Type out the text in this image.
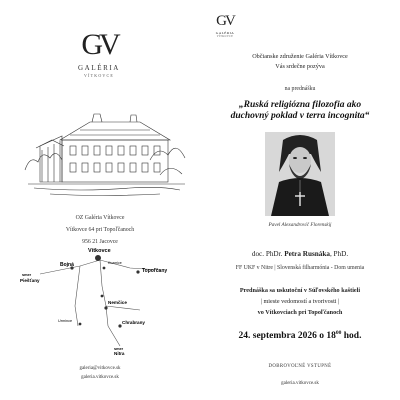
GV
GALÉRIA
VÍTKOVCE
OZ Galéria Vítkovce
Vítkovce 64 pri Topoľčanoch
956 21 Jacovce
Vítkovce
Bojná	Kuzmice
Topoľčany
smer
Piešťany
Nemčice
Urmince	Chrabrany
smer
Nitra
galeria@vitkovce.sk
galeria.vitkovce.sk
GV
GALÉRIA
VÍTKOVCE
Občianske združenie Galéria Vítkovce
Vás srdečne pozýva
na prednášku
„Ruská religiózna filozofia ako
duchovný poklad v terra incognita“
Pavel Alexandrovič Florenskij
doc. PhDr. Petra Rusnáka, PhD.
FF UKF v Nitre | Slovenská filharmónia - Dom umenia
Prednáška sa uskutoční v Súľovského kaštieli
| mieste vedomostí a tvorivosti |
vo Vítkovciach pri Topoľčanoch
24. septembra 2026 o $18^{00}$ hod.
DOBROVOĽNÉ VSTUPNÉ
galeria.vitkovce.sk
